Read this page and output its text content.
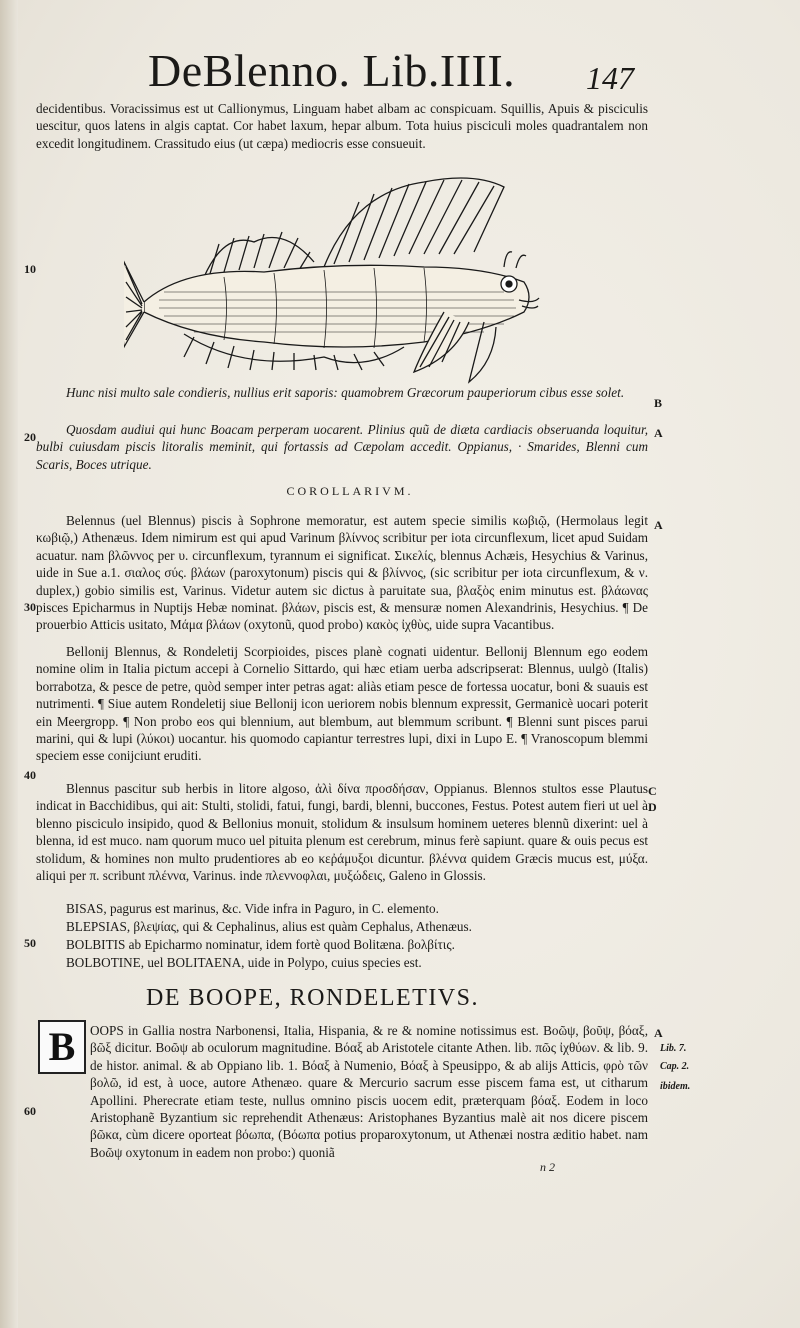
DeBlenno. Lib.IIII. 147
decidentibus. Voracissimus est ut Callionymus, Linguam habet albam ac conspicuam. Squillis, Apuis & pisciculis uescitur, quos latens in algis captat. Cor habet laxum, hepar album. Tota huius pisciculi moles quadrantalem non excedit longitudinem. Crassitudo eius (ut cæpa) mediocris esse consueuit.
Hunc nisi multo sale condieris, nullius erit saporis: quamobrem Græcorum pauperiorum cibus esse solet.
Quosdam audiui qui hunc Boacam perperam uocarent. Plinius quũ de diæta cardiacis obseruanda loquitur, bulbi cuiusdam piscis litoralis meminit, qui fortassis ad Cæpolam accedit. Oppianus, · Smarides, Blenni cum Scaris, Boces utrique.
COROLLARIVM.
Belennus (uel Blennus) piscis à Sophrone memoratur, est autem specie similis κωβιῷ, (Hermolaus legit κωβιῷ,) Athenæus. Idem nimirum est qui apud Varinum βλίννος scribitur per iota circunflexum, licet apud Suidam acuatur. nam βλῶννος per υ. circunflexum, tyrannum ei significat. Σικελίς, blennus Achæis, Hesychius & Varinus, uide in Sue a.1. σιαλος σύς. βλάων (paroxytonum) piscis qui & βλίννος, (sic scribitur per iota circunflexum, & ν. duplex,) gobio similis est, Varinus. Videtur autem sic dictus à paruitate sua, βλαξὸς enim minutus est. βλάωνας pisces Epicharmus in Nuptijs Hebæ nominat. βλάων, piscis est, & mensuræ nomen Alexandrinis, Hesychius. ¶ De prouerbio Atticis usitato, Μάμα βλάων (oxytonũ, quod probo) κακὸς ἰχθὺς, uide supra Vacantibus.
Bellonij Blennus, & Rondeletij Scorpioides, pisces planè cognati uidentur. Bellonij Blennum ego eodem nomine olim in Italia pictum accepi à Cornelio Sittardo, qui hæc etiam uerba adscripserat: Blennus, uulgò (Italis) borrabotza, & pesce de petre, quòd semper inter petras agat: aliàs etiam pesce de fortessa uocatur, boni & suauis est nutrimenti. ¶ Siue autem Rondeletij siue Bellonij icon ueriorem nobis blennum expressit, Germanicè uocari poterit ein Meergropp. ¶ Non probo eos qui blennium, aut blembum, aut blemmum scribunt. ¶ Blenni sunt pisces parui marini, qui & lupi (λύκοι) uocantur. his quomodo capiantur terrestres lupi, dixi in Lupo E. ¶ Vranoscopum blemmi speciem esse conijciunt eruditi.
Blennus pascitur sub herbis in litore algoso, ἀλὶ δίνα προσδήσαν, Oppianus. Blennos stultos esse Plautus indicat in Bacchidibus, qui ait: Stulti, stolidi, fatui, fungi, bardi, blenni, buccones, Festus. Potest autem fieri ut uel à blenno pisciculo insipido, quod & Bellonius monuit, stolidum & insulsum hominem ueteres blennũ dixerint: uel à blenna, id est muco. nam quorum muco uel pituita plenum est cerebrum, minus ferè sapiunt. quare & ouis pecus est stolidum, & homines non multo prudentiores ab eo κεῤάμυξοι dicuntur. βλέννα quidem Græcis mucus est, μύξα. aliqui per π. scribunt πλέννα, Varinus. inde πλεννοφλαι, μυξώδεις, Galeno in Glossis.
BISAS, pagurus est marinus, &c. Vide infra in Paguro, in C. elemento.
BLEPSIAS, βλεψίας, qui & Cephalinus, alius est quàm Cephalus, Athenæus.
BOLBITIS ab Epicharmo nominatur, idem fortè quod Bolitæna. βολβίτις.
BOLBOTINE, uel BOLITAENA, uide in Polypo, cuius species est.
DE BOOPE, RONDELETIVS.
B OOPS in Gallia nostra Narbonensi, Italia, Hispania, & re & nomine notissimus est. Βοῶψ, βοῦψ, βόαξ, βῶξ dicitur. Βοῶψ ab oculorum magnitudine. Βόαξ ab Aristotele citante Athen. lib. πῶς ἰχθύων. & lib. 9. de histor. animal. & ab Oppiano lib. 1. Βόαξ à Numenio, Βόαξ à Speusippo, & ab alijs Atticis, φρὸ τῶν βολῶ, id est, à uoce, autore Athenæo. quare & Mercurio sacrum esse piscem fama est, ut citharum Apollini. Pherecrate etiam teste, nullus omnino piscis uocem edit, præterquam βόαξ. Eodem in loco Aristophanẽ Byzantium sic reprehendit Athenæus: Aristophanes Byzantius malè ait nos dicere piscem βῶκα, cùm dicere oporteat βόωπα, (Βόωπα potius proparoxytonum, ut Athenæi nostra æditio habet. nam Βοῶψ oxytonum in eadem non probo:) quoniã
n 2
10
20
30
40
50
60
B
A
A
C
D
A
Lib. 7.
Cap. 2.
ibidem.
